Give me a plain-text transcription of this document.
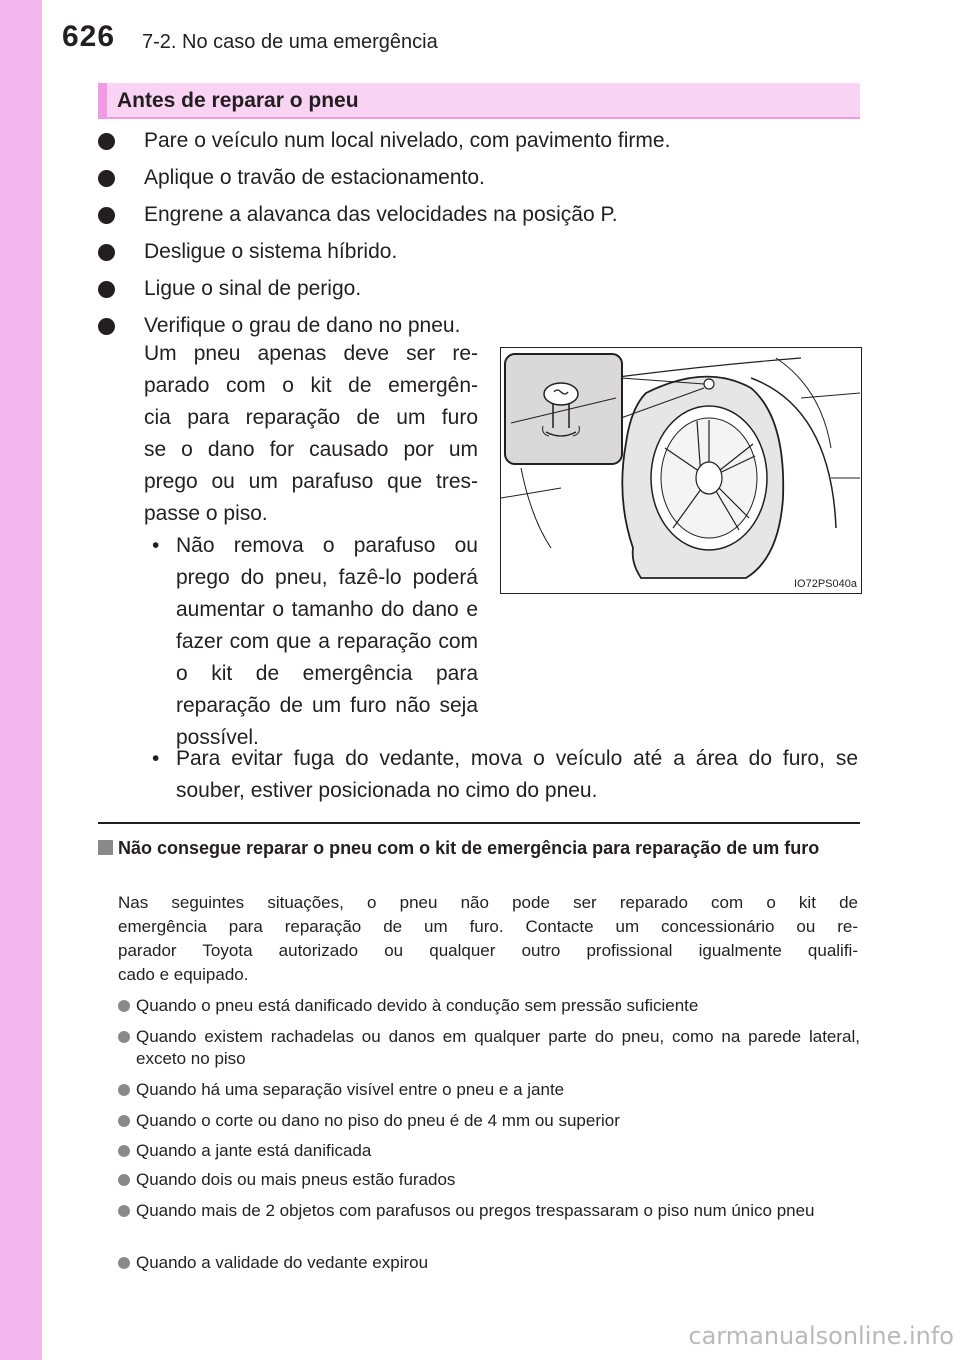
626 7-2. No caso de uma emergência
Antes de reparar o pneu
Pare o veículo num local nivelado, com pavimento firme.
Aplique o travão de estacionamento.
Engrene a alavanca das velocidades na posição P.
Desligue o sistema híbrido.
Ligue o sinal de perigo.
Verifique o grau de dano no pneu.

Um pneu apenas deve ser re-

parado com o kit de emergên-

cia para reparação de um furo

se o dano for causado por um

prego ou um parafuso que tres-

passe o piso.

• Não remova o parafuso ou prego do pneu, fazê-lo poderá aumentar o tamanho do dano e fazer com que a reparação com o kit de emergência para reparação de um furo não seja possível.
• Para evitar fuga do vedante, mova o veículo até a área do furo, se souber, estiver posicionada no cimo do pneu.
IO72PS040a
Não consegue reparar o pneu com o kit de emergência para reparação de um furo

Nas seguintes situações, o pneu não pode ser reparado com o kit de

emergência para reparação de um furo. Contacte um concessionário ou re-

parador Toyota autorizado ou qualquer outro profissional igualmente qualifi-

cado e equipado.

Quando o pneu está danificado devido à condução sem pressão suficiente
Quando existem rachadelas ou danos em qualquer parte do pneu, como na parede lateral, exceto no piso
Quando há uma separação visível entre o pneu e a jante
Quando o corte ou dano no piso do pneu é de 4 mm ou superior
Quando a jante está danificada
Quando dois ou mais pneus estão furados
Quando mais de 2 objetos com parafusos ou pregos trespassaram o piso num único pneu
Quando a validade do vedante expirou
carmanualsonline.info
